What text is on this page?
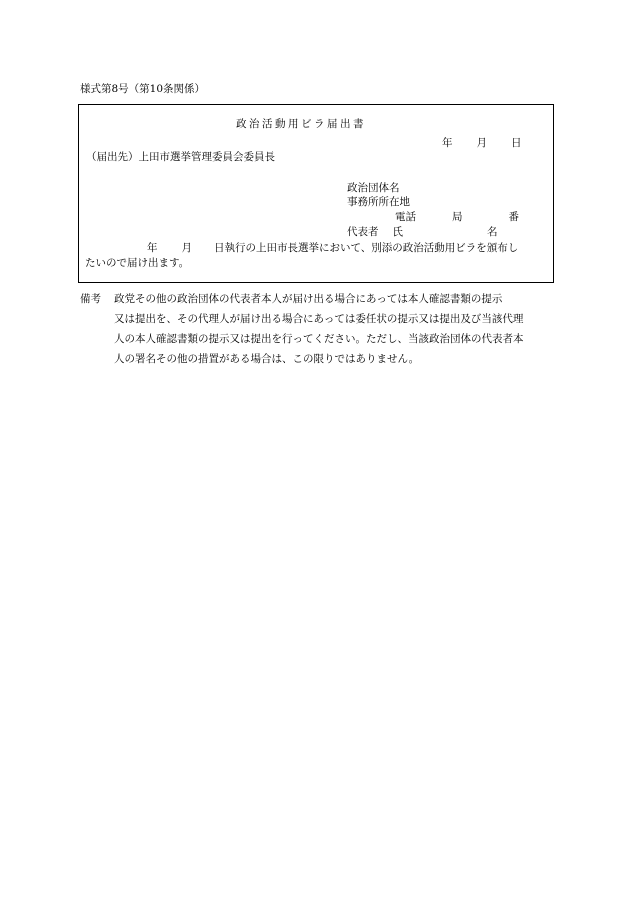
様式第8号（第10条関係）
政治活動用ビラ届出書
年 月 日
（届出先）上田市選挙管理委員会委員長
政治団体名
事務所所在地
電話	局	番
代表者 氏	名
年 月 日執行の上田市長選挙において、別添の政治活動用ビラを頒布し
たいので届け出ます。
備考 政党その他の政治団体の代表者本人が届け出る場合にあっては本人確認書類の提示
又は提出を、その代理人が届け出る場合にあっては委任状の提示又は提出及び当該代理
人の本人確認書類の提示又は提出を行ってください。ただし、当該政治団体の代表者本
人の署名その他の措置がある場合は、この限りではありません。
